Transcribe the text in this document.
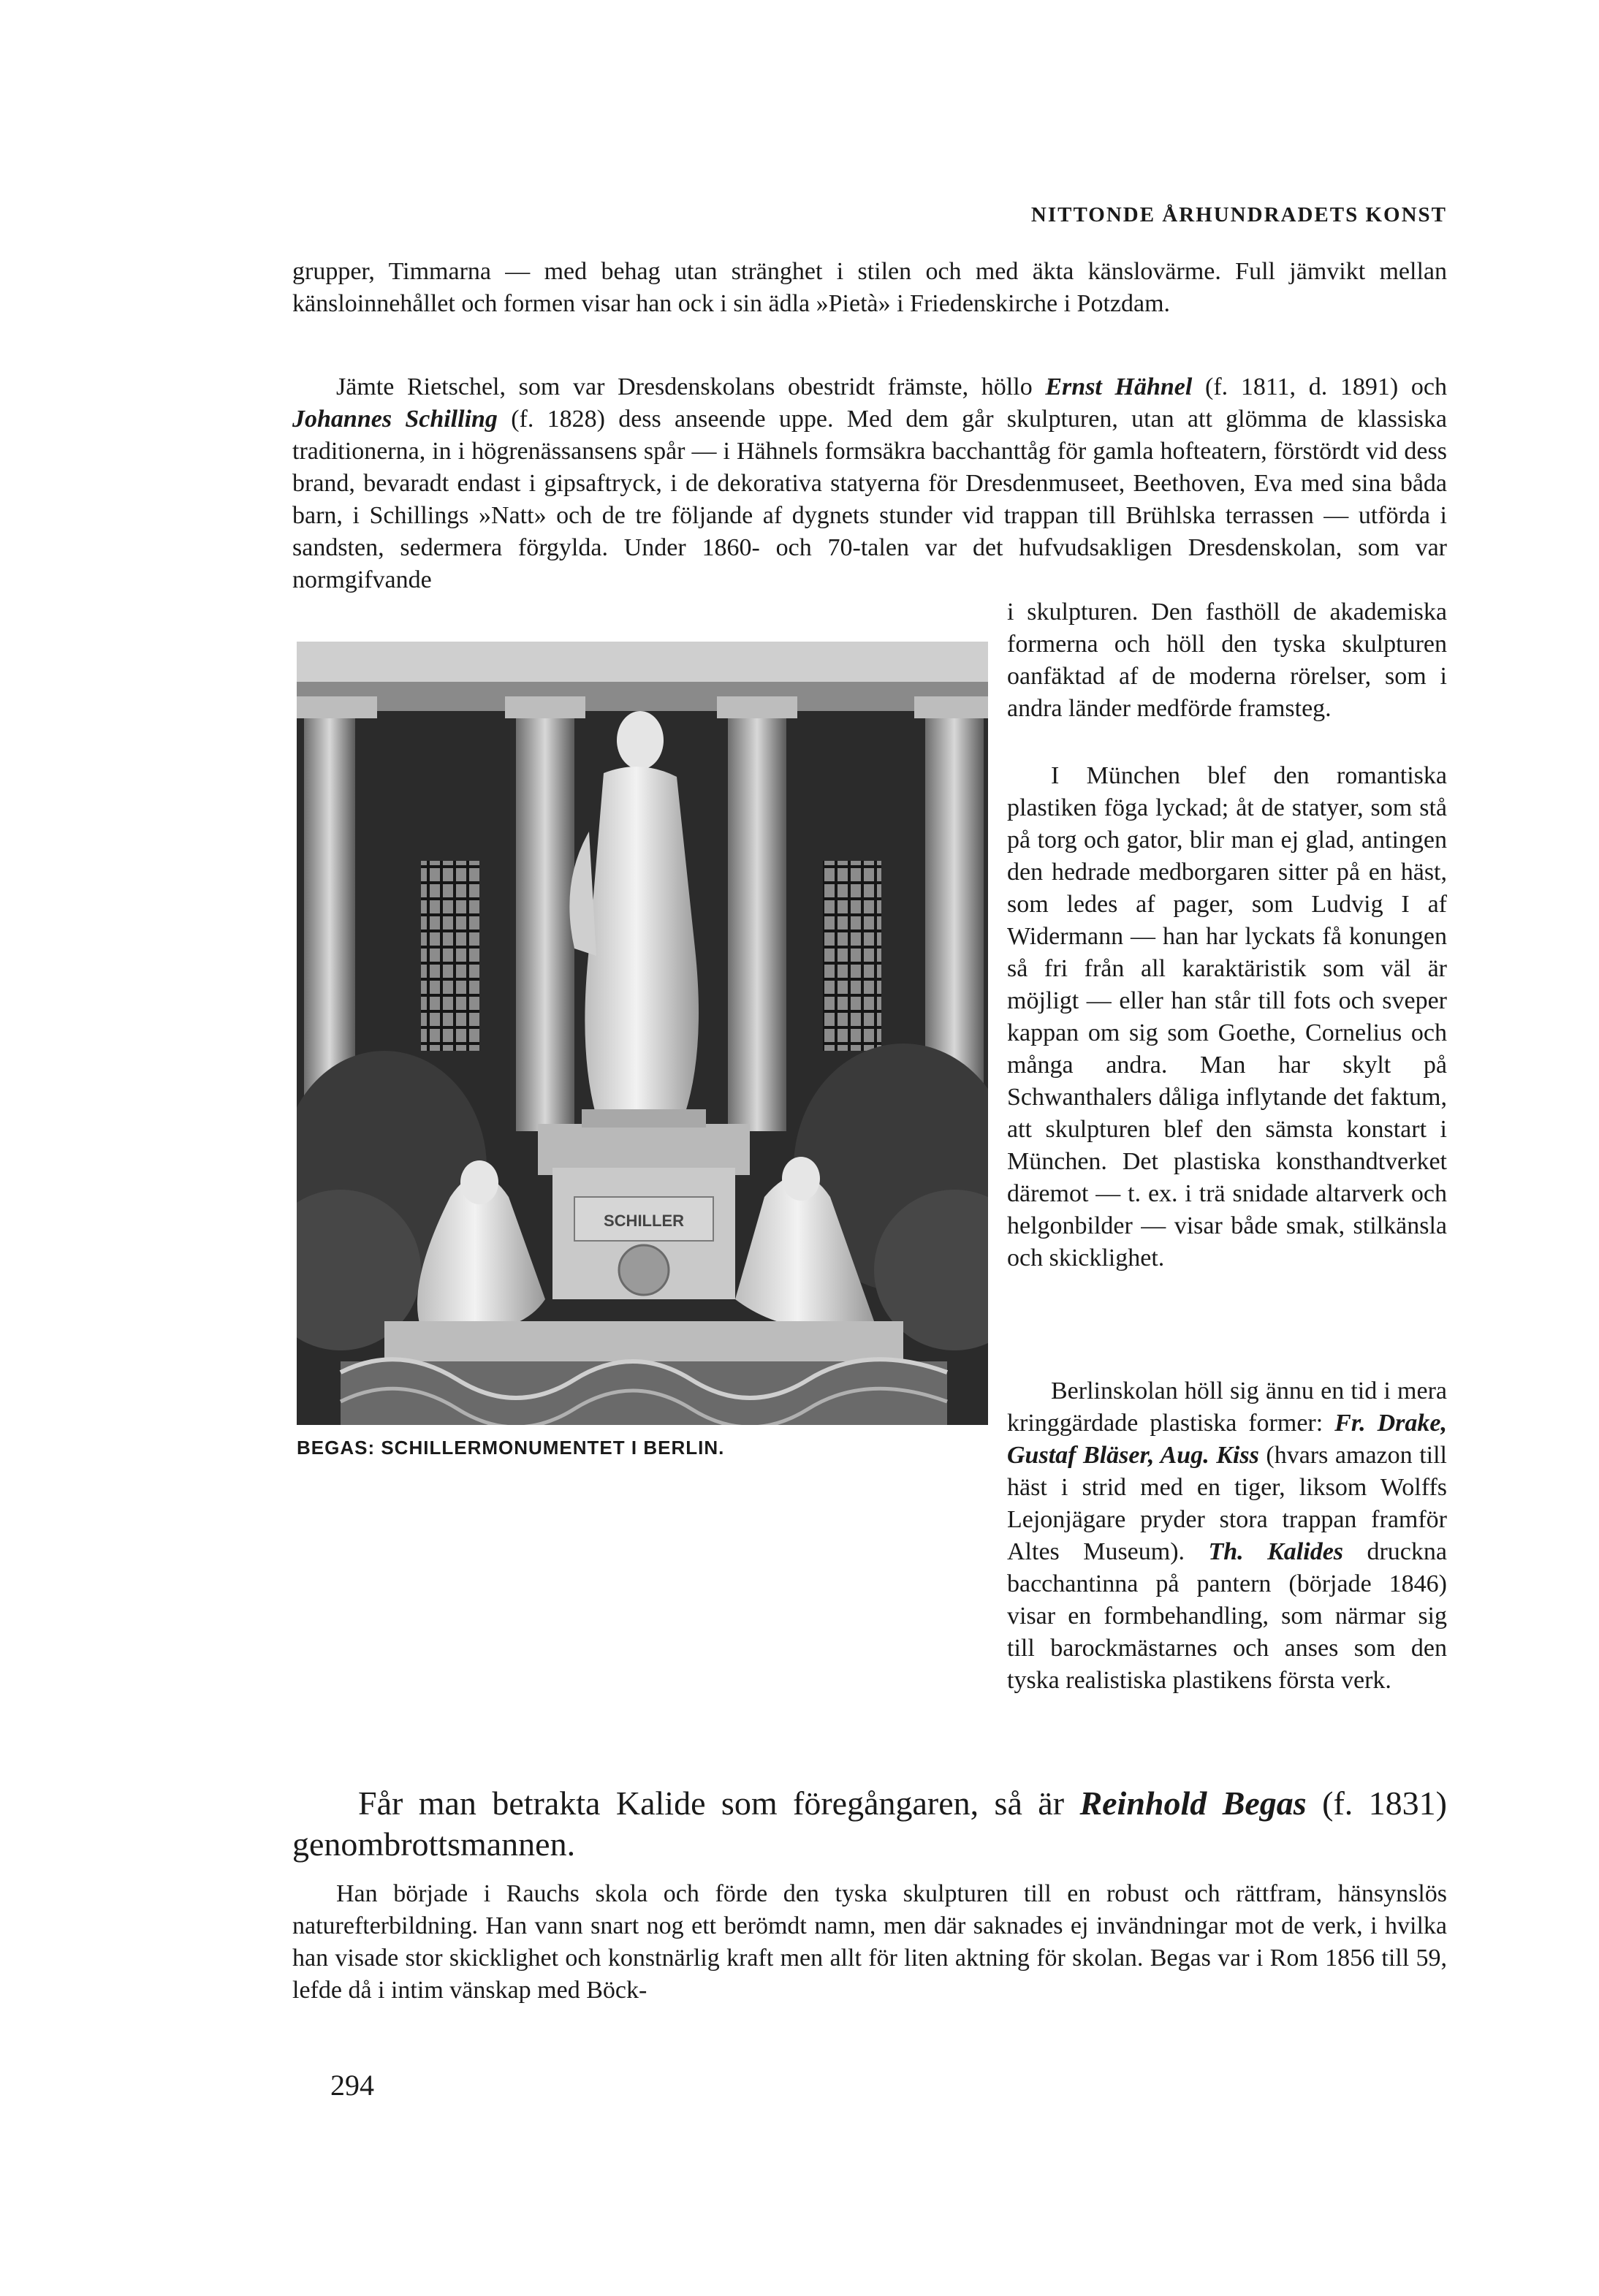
NITTONDE ÅRHUNDRADETS KONST

grupper, Timmarna — med behag utan stränghet i stilen och med äkta känslovärme. Full jämvikt mellan känsloinnehållet och formen visar han ock i sin ädla »Pietà» i Friedenskirche i Potzdam.

Jämte Rietschel, som var Dresdenskolans obestridt främste, höllo Ernst Hähnel (f. 1811, d. 1891) och Johannes Schilling (f. 1828) dess anseende uppe. Med dem går skulpturen, utan att glömma de klassiska traditionerna, in i högrenässansens spår — i Hähnels formsäkra bacchanttåg för gamla hofteatern, förstördt vid dess brand, bevaradt endast i gipsaftryck, i de dekorativa statyerna för Dresdenmuseet, Beethoven, Eva med sina båda barn, i Schillings »Natt» och de tre följande af dygnets stunder vid trappan till Brühlska terrassen — utförda i sandsten, sedermera förgylda. Under 1860- och 70-talen var det hufvudsakligen Dresdenskolan, som var normgifvande

SCHILLER
BEGAS: SCHILLERMONUMENTET I BERLIN.

i skulpturen. Den fasthöll de akademiska formerna och höll den tyska skulpturen oanfäktad af de moderna rörelser, som i andra länder medförde framsteg.

I München blef den romantiska plastiken föga lyckad; åt de statyer, som stå på torg och gator, blir man ej glad, antingen den hedrade medborgaren sitter på en häst, som ledes af pager, som Ludvig I af Widermann — han har lyckats få konungen så fri från all karaktäristik som väl är möjligt — eller han står till fots och sveper kappan om sig som Goethe, Cornelius och många andra. Man har skylt på Schwanthalers dåliga inflytande det faktum, att skulpturen blef den sämsta konstart i München. Det plastiska konsthandtverket däremot — t. ex. i trä snidade altarverk och helgonbilder — visar både smak, stilkänsla och skicklighet.

Berlinskolan höll sig ännu en tid i mera kringgärdade plastiska former: Fr. Drake, Gustaf Bläser, Aug. Kiss (hvars amazon till häst i strid med en tiger, liksom Wolffs Lejonjägare pryder stora trappan framför Altes Museum). Th. Kalides druckna bacchantinna på pantern (började 1846) visar en formbehandling, som närmar sig till barockmästarnes och anses som den tyska realistiska plastikens första verk.

Får man betrakta Kalide som föregångaren, så är Reinhold Begas (f. 1831) genombrottsmannen.

Han började i Rauchs skola och förde den tyska skulpturen till en robust och rättfram, hänsynslös naturefterbildning. Han vann snart nog ett berömdt namn, men där saknades ej invändningar mot de verk, i hvilka han visade stor skicklighet och konstnärlig kraft men allt för liten aktning för skolan. Begas var i Rom 1856 till 59, lefde då i intim vänskap med Böck-

294
